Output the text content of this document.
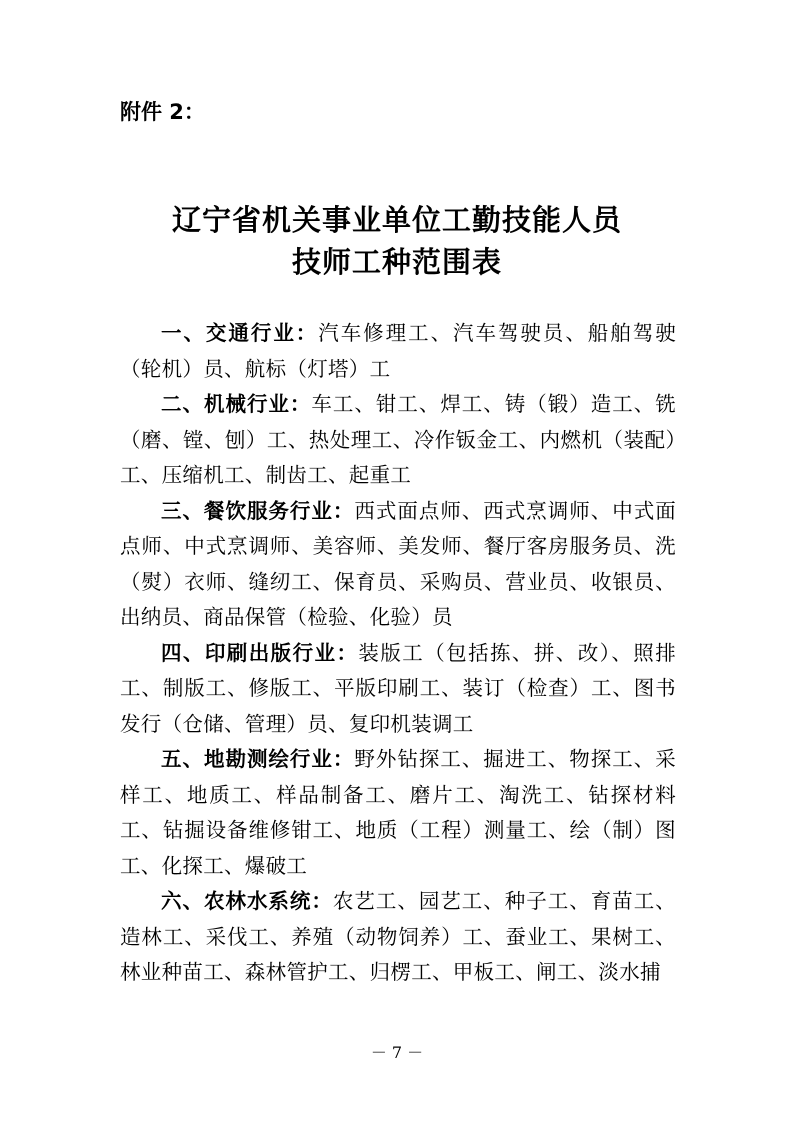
附件 2：
辽宁省机关事业单位工勤技能人员
技师工种范围表

一、交通行业：汽车修理工、汽车驾驶员、船舶驾驶（轮机）员、航标（灯塔）工

二、机械行业：车工、钳工、焊工、铸（锻）造工、铣（磨、镗、刨）工、热处理工、冷作钣金工、内燃机（装配）工、压缩机工、制齿工、起重工

三、餐饮服务行业：西式面点师、西式烹调师、中式面点师、中式烹调师、美容师、美发师、餐厅客房服务员、洗（熨）衣师、缝纫工、保育员、采购员、营业员、收银员、出纳员、商品保管（检验、化验）员

四、印刷出版行业：装版工（包括拣、拼、改）、照排工、制版工、修版工、平版印刷工、装订（检查）工、图书发行（仓储、管理）员、复印机装调工

五、地勘测绘行业：野外钻探工、掘进工、物探工、采样工、地质工、样品制备工、磨片工、淘洗工、钻探材料工、钻掘设备维修钳工、地质（工程）测量工、绘（制）图工、化探工、爆破工

六、农林水系统：农艺工、园艺工、种子工、育苗工、造林工、采伐工、养殖（动物饲养）工、蚕业工、果树工、林业种苗工、森林管护工、归楞工、甲板工、闸工、淡水捕

－ 7 －
